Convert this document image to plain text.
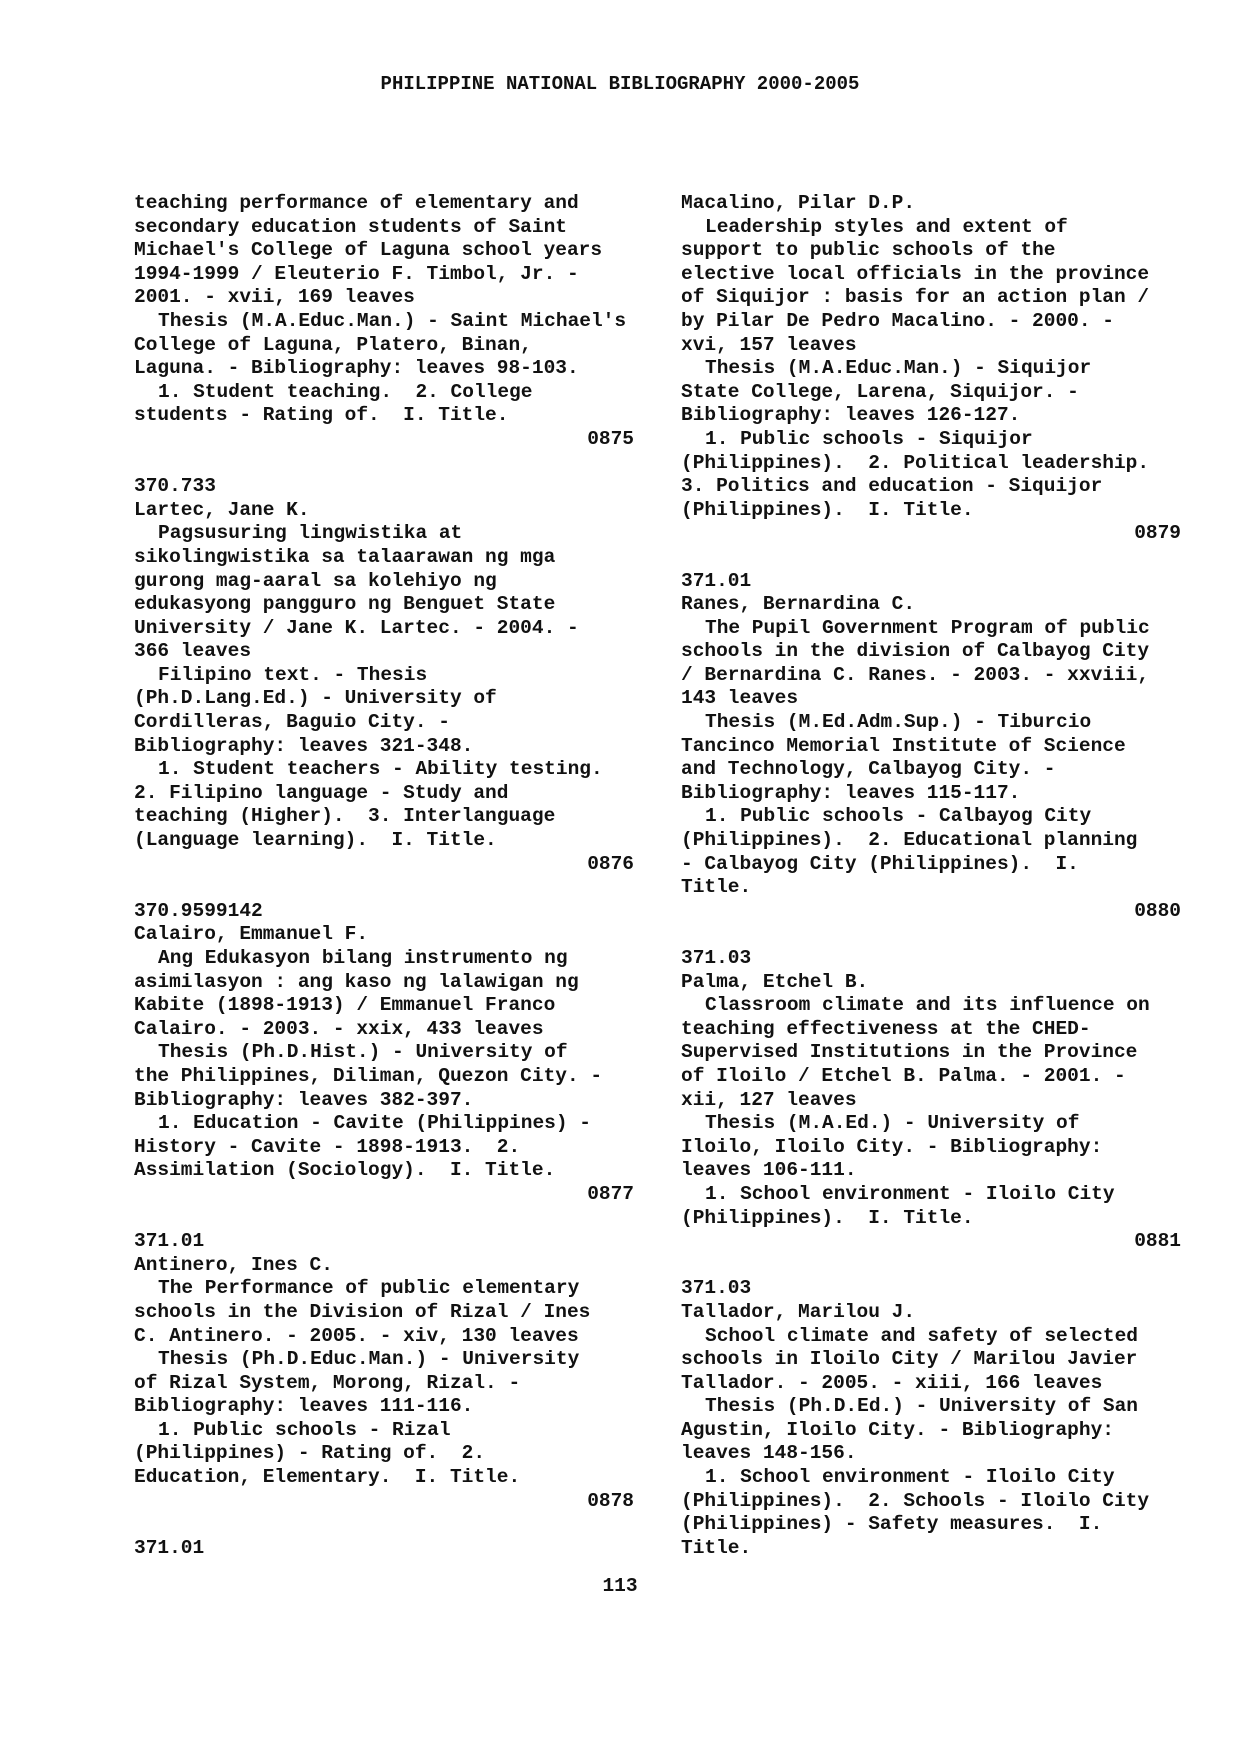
PHILIPPINE NATIONAL BIBLIOGRAPHY 2000-2005
teaching performance of elementary and
secondary education students of Saint
Michael's College of Laguna school years
1994-1999 / Eleuterio F. Timbol, Jr. -
2001. - xvii, 169 leaves
Thesis (M.A.Educ.Man.) - Saint Michael's
College of Laguna, Platero, Binan,
Laguna. - Bibliography: leaves 98-103.
1. Student teaching.  2. College
students - Rating of.  I. Title.
0875
370.733
Lartec, Jane K.
Pagsusuring lingwistika at
sikolingwistika sa talaarawan ng mga
gurong mag-aaral sa kolehiyo ng
edukasyong pangguro ng Benguet State
University / Jane K. Lartec. - 2004. -
366 leaves
Filipino text. - Thesis
(Ph.D.Lang.Ed.) - University of
Cordilleras, Baguio City. -
Bibliography: leaves 321-348.
1. Student teachers - Ability testing.
2. Filipino language - Study and
teaching (Higher).  3. Interlanguage
(Language learning).  I. Title.
0876
370.9599142
Calairo, Emmanuel F.
Ang Edukasyon bilang instrumento ng
asimilasyon : ang kaso ng lalawigan ng
Kabite (1898-1913) / Emmanuel Franco
Calairo. - 2003. - xxix, 433 leaves
Thesis (Ph.D.Hist.) - University of
the Philippines, Diliman, Quezon City. -
Bibliography: leaves 382-397.
1. Education - Cavite (Philippines) -
History - Cavite - 1898-1913.  2.
Assimilation (Sociology).  I. Title.
0877
371.01
Antinero, Ines C.
The Performance of public elementary
schools in the Division of Rizal / Ines
C. Antinero. - 2005. - xiv, 130 leaves
Thesis (Ph.D.Educ.Man.) - University
of Rizal System, Morong, Rizal. -
Bibliography: leaves 111-116.
1. Public schools - Rizal
(Philippines) - Rating of.  2.
Education, Elementary.  I. Title.
0878
371.01
Macalino, Pilar D.P.
Leadership styles and extent of
support to public schools of the
elective local officials in the province
of Siquijor : basis for an action plan /
by Pilar De Pedro Macalino. - 2000. -
xvi, 157 leaves
Thesis (M.A.Educ.Man.) - Siquijor
State College, Larena, Siquijor. -
Bibliography: leaves 126-127.
1. Public schools - Siquijor
(Philippines).  2. Political leadership.
3. Politics and education - Siquijor
(Philippines).  I. Title.
0879
371.01
Ranes, Bernardina C.
The Pupil Government Program of public
schools in the division of Calbayog City
/ Bernardina C. Ranes. - 2003. - xxviii,
143 leaves
Thesis (M.Ed.Adm.Sup.) - Tiburcio
Tancinco Memorial Institute of Science
and Technology, Calbayog City. -
Bibliography: leaves 115-117.
1. Public schools - Calbayog City
(Philippines).  2. Educational planning
- Calbayog City (Philippines).  I.
Title.
0880
371.03
Palma, Etchel B.
Classroom climate and its influence on
teaching effectiveness at the CHED-
Supervised Institutions in the Province
of Iloilo / Etchel B. Palma. - 2001. -
xii, 127 leaves
Thesis (M.A.Ed.) - University of
Iloilo, Iloilo City. - Bibliography:
leaves 106-111.
1. School environment - Iloilo City
(Philippines).  I. Title.
0881
371.03
Tallador, Marilou J.
School climate and safety of selected
schools in Iloilo City / Marilou Javier
Tallador. - 2005. - xiii, 166 leaves
Thesis (Ph.D.Ed.) - University of San
Agustin, Iloilo City. - Bibliography:
leaves 148-156.
1. School environment - Iloilo City
(Philippines).  2. Schools - Iloilo City
(Philippines) - Safety measures.  I.
Title.
113
